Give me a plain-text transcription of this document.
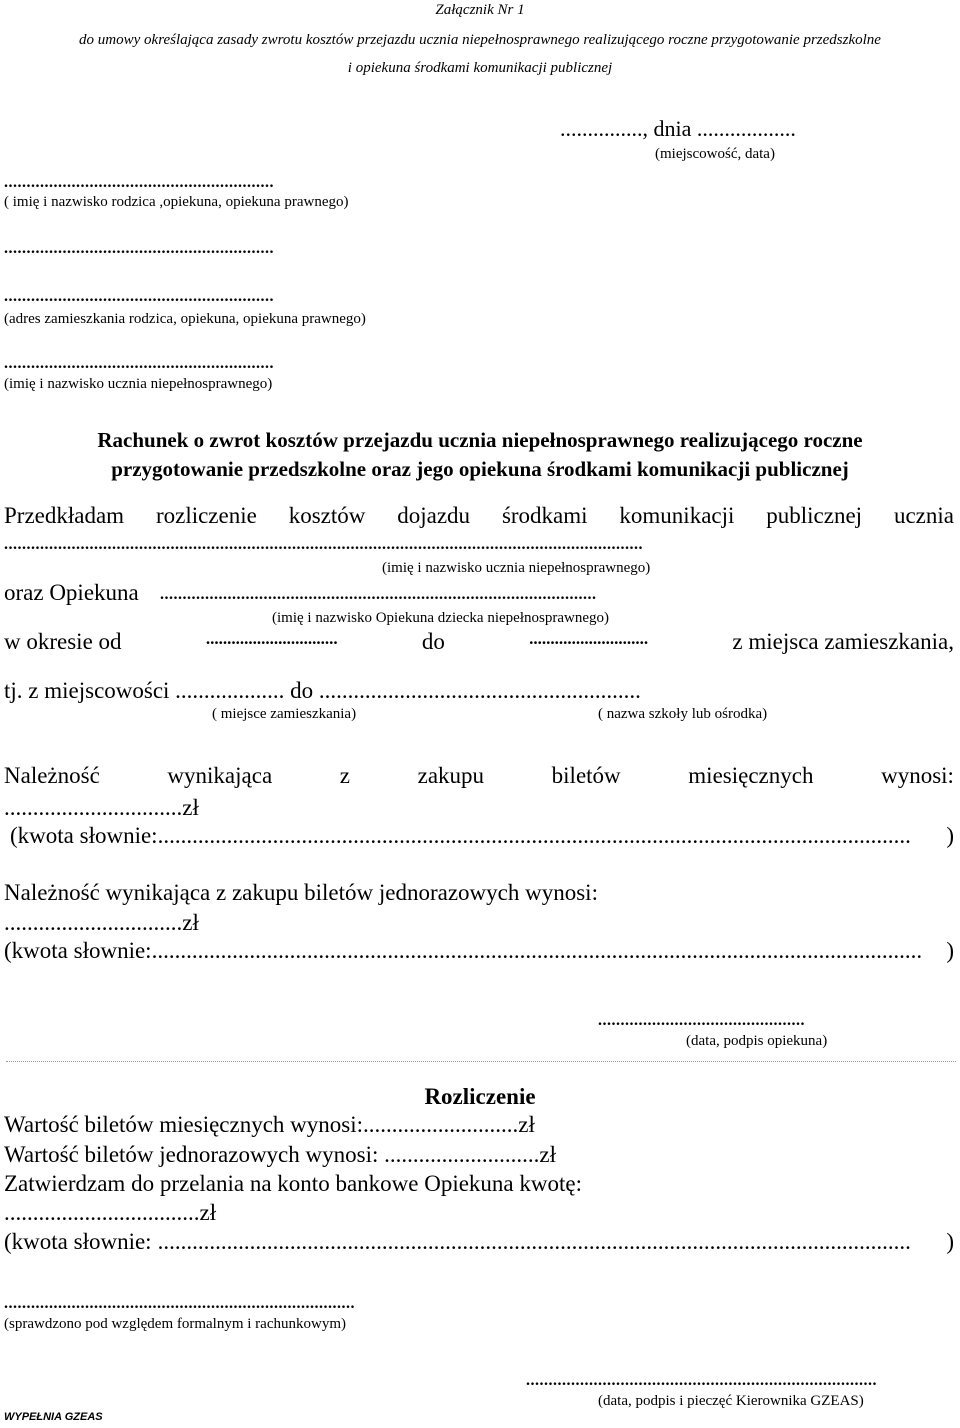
Załącznik Nr 1
do umowy określająca zasady zwrotu kosztów przejazdu ucznia niepełnosprawnego realizującego roczne przygotowanie przedszkolne
i opiekuna środkami komunikacji publicznej
..............., dnia ..................
(miejscowość, data)
............................................................
( imię i nazwisko rodzica ,opiekuna, opiekuna prawnego)
............................................................
............................................................
(adres zamieszkania rodzica, opiekuna, opiekuna prawnego)
............................................................
(imię i nazwisko ucznia niepełnosprawnego)
Rachunek o zwrot kosztów przejazdu ucznia niepełnosprawnego realizującego roczne
przygotowanie przedszkolne oraz jego opiekuna środkami komunikacji publicznej
Przedkładam rozliczenie kosztów dojazdu środkami komunikacji publicznej ucznia
..............................................................................................................................................
(imię i nazwisko ucznia niepełnosprawnego)
oraz Opiekuna .................................................................................................
(imię i nazwisko Opiekuna dziecka niepełnosprawnego)
w okresie od	...............................	do	............................	z miejsca zamieszkania,
tj. z miejscowości ................... do ........................................................
( miejsce zamieszkania)	( nazwa szkoły lub ośrodka)
Należność	wynikająca	z	zakupu	biletów	miesięcznych	wynosi:
...............................zł
(kwota słownie: ...................................................................................................................................	)
Należność wynikająca z zakupu biletów jednorazowych wynosi:
...............................zł
(kwota słownie: ......................................................................................................................................	)
..............................................
(data, podpis opiekuna)
Rozliczenie
Wartość biletów miesięcznych wynosi:...........................zł
Wartość biletów jednorazowych wynosi: ...........................zł
Zatwierdzam do przelania na konto bankowe Opiekuna kwotę:
..................................zł
(kwota słownie: ...................................................................................................................................	)
..............................................................................
(sprawdzono pod względem formalnym i rachunkowym)
..............................................................................
(data, podpis i pieczęć Kierownika GZEAS)
WYPEŁNIA GZEAS
